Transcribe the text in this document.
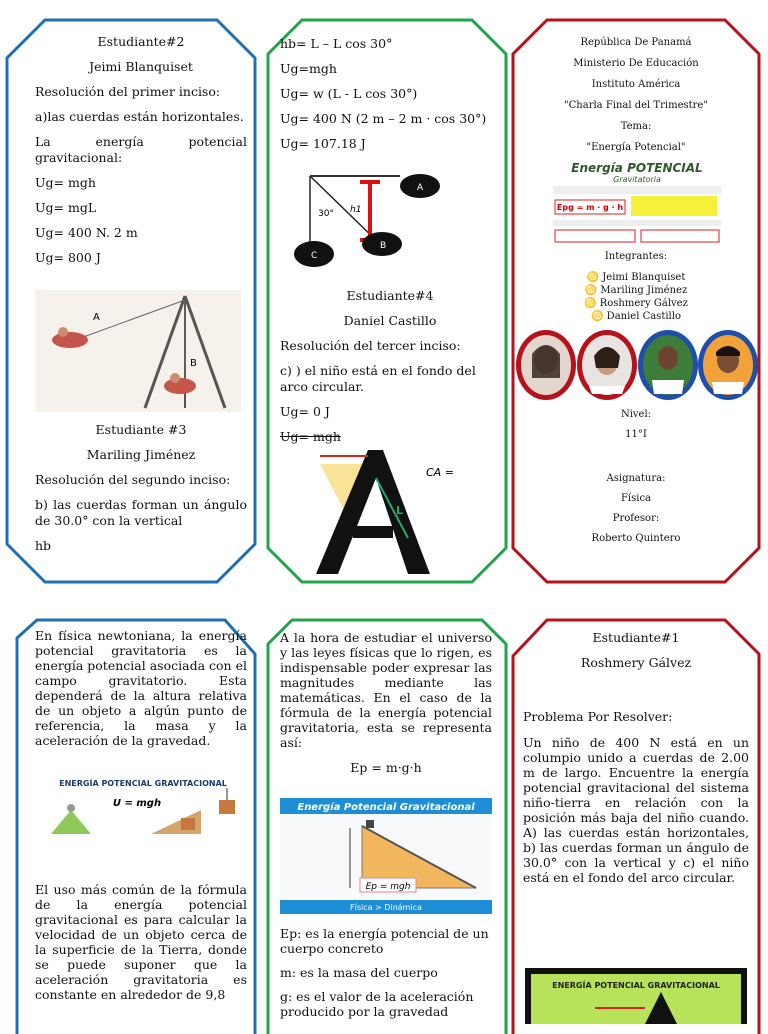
Estudiante#2

Jeimi Blanquiset

Resolución del primer inciso:

a)las cuerdas están horizontales.

La energía potencial gravitacional:

Ug= mgh

Ug= mgL

Ug= 400 N. 2 m

Ug= 800 J

A
B

Estudiante #3

Mariling Jiménez

Resolución del segundo inciso:

b) las cuerdas forman un ángulo de 30.0° con la vertical

hb

hb= L – L cos 30°

Ug=mgh

Ug= w (L - L cos 30°)

Ug= 400 N (2 m – 2 m · cos 30°)

Ug= 107.18 J

A
B
C
30° h1

Estudiante#4

Daniel Castillo

Resolución del tercer inciso:

c) ) el niño está en el fondo del arco circular.

Ug= 0 J

Ug= mgh

L
CA =

República De Panamá

Ministerio De Educación

Instituto América

"Charla Final del Trimestre"

Tema:

"Energía Potencial"

Energía POTENCIAL
Gravitatoria
Epg = m · g · h

Integrantes:

♋ Jeimi Blanquiset

♋ Mariling Jiménez

♋ Roshmery Gálvez

♋ Daniel Castillo

Nivel:

11°I

Asignatura:

Física

Profesor:

Roberto Quintero

En física newtoniana, la energía potencial gravitatoria es la energía potencial asociada con el campo gravitatorio. Esta dependerá de la altura relativa de un objeto a algún punto de referencia, la masa y la aceleración de la gravedad.

ENERGÍA POTENCIAL GRAVITACIONAL
U = mgh

El uso más común de la fórmula de la energía potencial gravitacional es para calcular la velocidad de un objeto cerca de la superficie de la Tierra, donde se puede suponer que la aceleración gravitatoria es constante en alrededor de 9,8

A la hora de estudiar el universo y las leyes físicas que lo rigen, es indispensable poder expresar las magnitudes mediante las matemáticas. En el caso de la fórmula de la energía potencial gravitatoria, esta se representa así:

Ep = m·g·h

Energía Potencial Gravitacional
Ep = mgh
Física > Dinámica

Ep: es la energía potencial de un cuerpo concreto

m: es la masa del cuerpo

g: es el valor de la aceleración producido por la gravedad

Estudiante#1

Roshmery Gálvez

Problema Por Resolver:

Un niño de 400 N está en un columpio unido a cuerdas de 2.00 m de largo. Encuentre la energía potencial gravitacional del sistema niño-tierra en relación con la posición más baja del niño cuando. A) las cuerdas están horizontales, b) las cuerdas forman un ángulo de 30.0° con la vertical y c) el niño está en el fondo del arco circular.

ENERGÍA POTENCIAL GRAVITACIONAL
